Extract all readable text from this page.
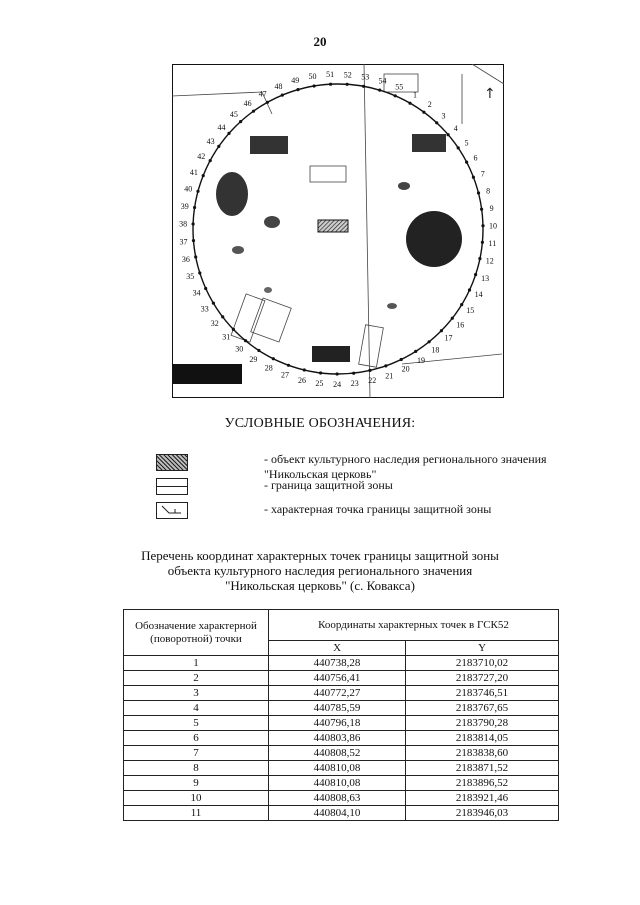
20
1
2
3
4
5
6
7
8
9
10
11
12
13
14
15
16
17
18
19
20
21
22
23
24
25
26
27
28
29
30
31
32
33
34
35
36
37
38
39
40
41
42
43
44
45
46
47
48
49 50 51 52 53 54
55	↑
УСЛОВНЫЕ ОБОЗНАЧЕНИЯ:
- объект культурного наследия регионального значения "Никольская церковь"
- граница защитной зоны
- характерная точка границы защитной зоны
Перечень координат характерных точек границы защитной зоны
объекта культурного наследия регионального значения
"Никольская церковь" (с. Ковакса)
Обозначение характерной (поворотной) точки	Координаты характерных точек в ГСК52	
	X	Y
1	440738,28	2183710,02
2	440756,41	2183727,20
3	440772,27	2183746,51
4	440785,59	2183767,65
5	440796,18	2183790,28
6	440803,86	2183814,05
7	440808,52	2183838,60
8	440810,08	2183871,52
9	440810,08	2183896,52
10	440808,63	2183921,46
11	440804,10	2183946,03
